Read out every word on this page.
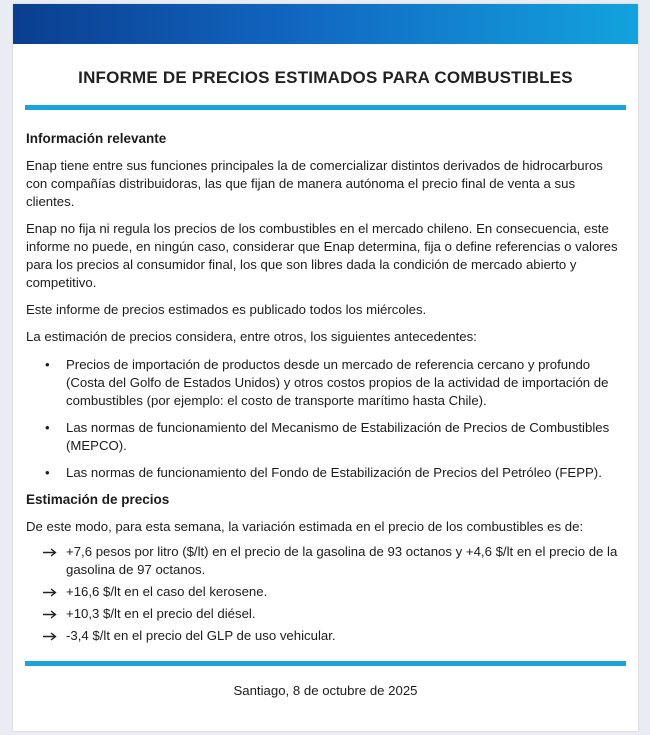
INFORME DE PRECIOS ESTIMADOS PARA COMBUSTIBLES
Información relevante

Enap tiene entre sus funciones principales la de comercializar distintos derivados de hidrocarburos con compañías distribuidoras, las que fijan de manera autónoma el precio final de venta a sus clientes.

Enap no fija ni regula los precios de los combustibles en el mercado chileno. En consecuencia, este informe no puede, en ningún caso, considerar que Enap determina, fija o define referencias o valores para los precios al consumidor final, los que son libres dada la condición de mercado abierto y competitivo.

Este informe de precios estimados es publicado todos los miércoles.

La estimación de precios considera, entre otros, los siguientes antecedentes:

• Precios de importación de productos desde un mercado de referencia cercano y profundo (Costa del Golfo de Estados Unidos) y otros costos propios de la actividad de importación de combustibles (por ejemplo: el costo de transporte marítimo hasta Chile).
• Las normas de funcionamiento del Mecanismo de Estabilización de Precios de Combustibles (MEPCO).
• Las normas de funcionamiento del Fondo de Estabilización de Precios del Petróleo (FEPP).
Estimación de precios

De este modo, para esta semana, la variación estimada en el precio de los combustibles es de:

+7,6 pesos por litro ($/lt) en el precio de la gasolina de 93 octanos y +4,6 $/lt en el precio de la gasolina de 97 octanos.
+16,6 $/lt en el caso del kerosene.
+10,3 $/lt en el precio del diésel.
-3,4 $/lt en el precio del GLP de uso vehicular.
Santiago, 8 de octubre de 2025
